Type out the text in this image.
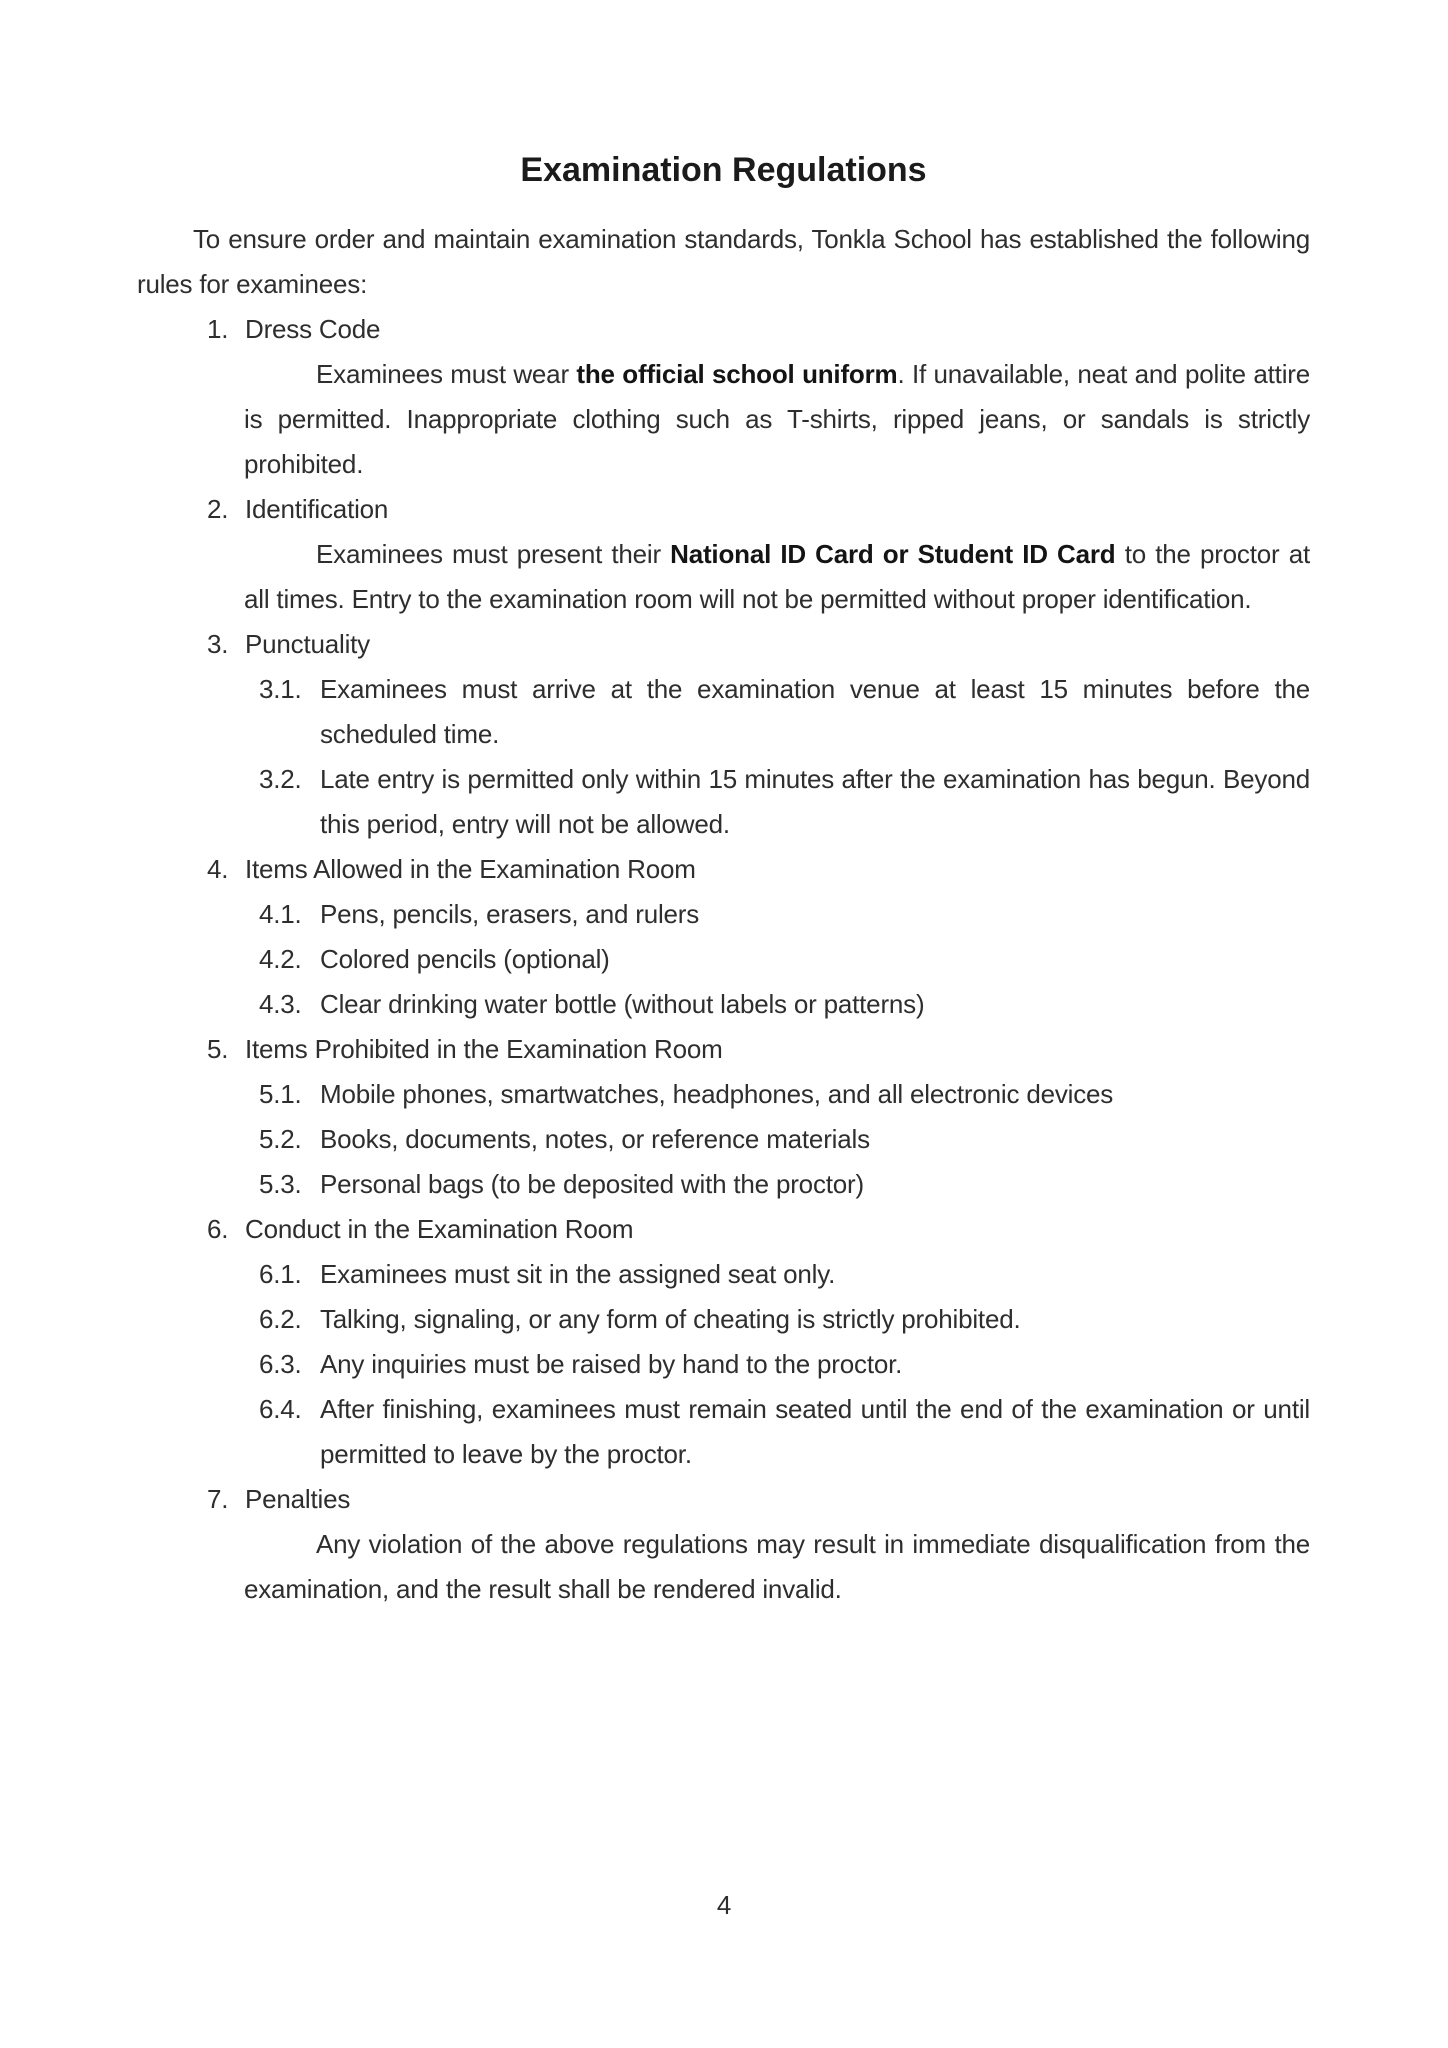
Examination Regulations

To ensure order and maintain examination standards, Tonkla School has established the following rules for examinees:

1. Dress Code

Examinees must wear the official school uniform. If unavailable, neat and polite attire is permitted. Inappropriate clothing such as T-shirts, ripped jeans, or sandals is strictly prohibited.

2. Identification

Examinees must present their National ID Card or Student ID Card to the proctor at all times. Entry to the examination room will not be permitted without proper identification.

3. Punctuality
3.1. Examinees must arrive at the examination venue at least 15 minutes before the scheduled time.
3.2. Late entry is permitted only within 15 minutes after the examination has begun. Beyond this period, entry will not be allowed.
4. Items Allowed in the Examination Room
4.1. Pens, pencils, erasers, and rulers
4.2. Colored pencils (optional)
4.3. Clear drinking water bottle (without labels or patterns)
5. Items Prohibited in the Examination Room
5.1. Mobile phones, smartwatches, headphones, and all electronic devices
5.2. Books, documents, notes, or reference materials
5.3. Personal bags (to be deposited with the proctor)
6. Conduct in the Examination Room
6.1. Examinees must sit in the assigned seat only.
6.2. Talking, signaling, or any form of cheating is strictly prohibited.
6.3. Any inquiries must be raised by hand to the proctor.
6.4. After finishing, examinees must remain seated until the end of the examination or until permitted to leave by the proctor.
7. Penalties

Any violation of the above regulations may result in immediate disqualification from the examination, and the result shall be rendered invalid.

4
